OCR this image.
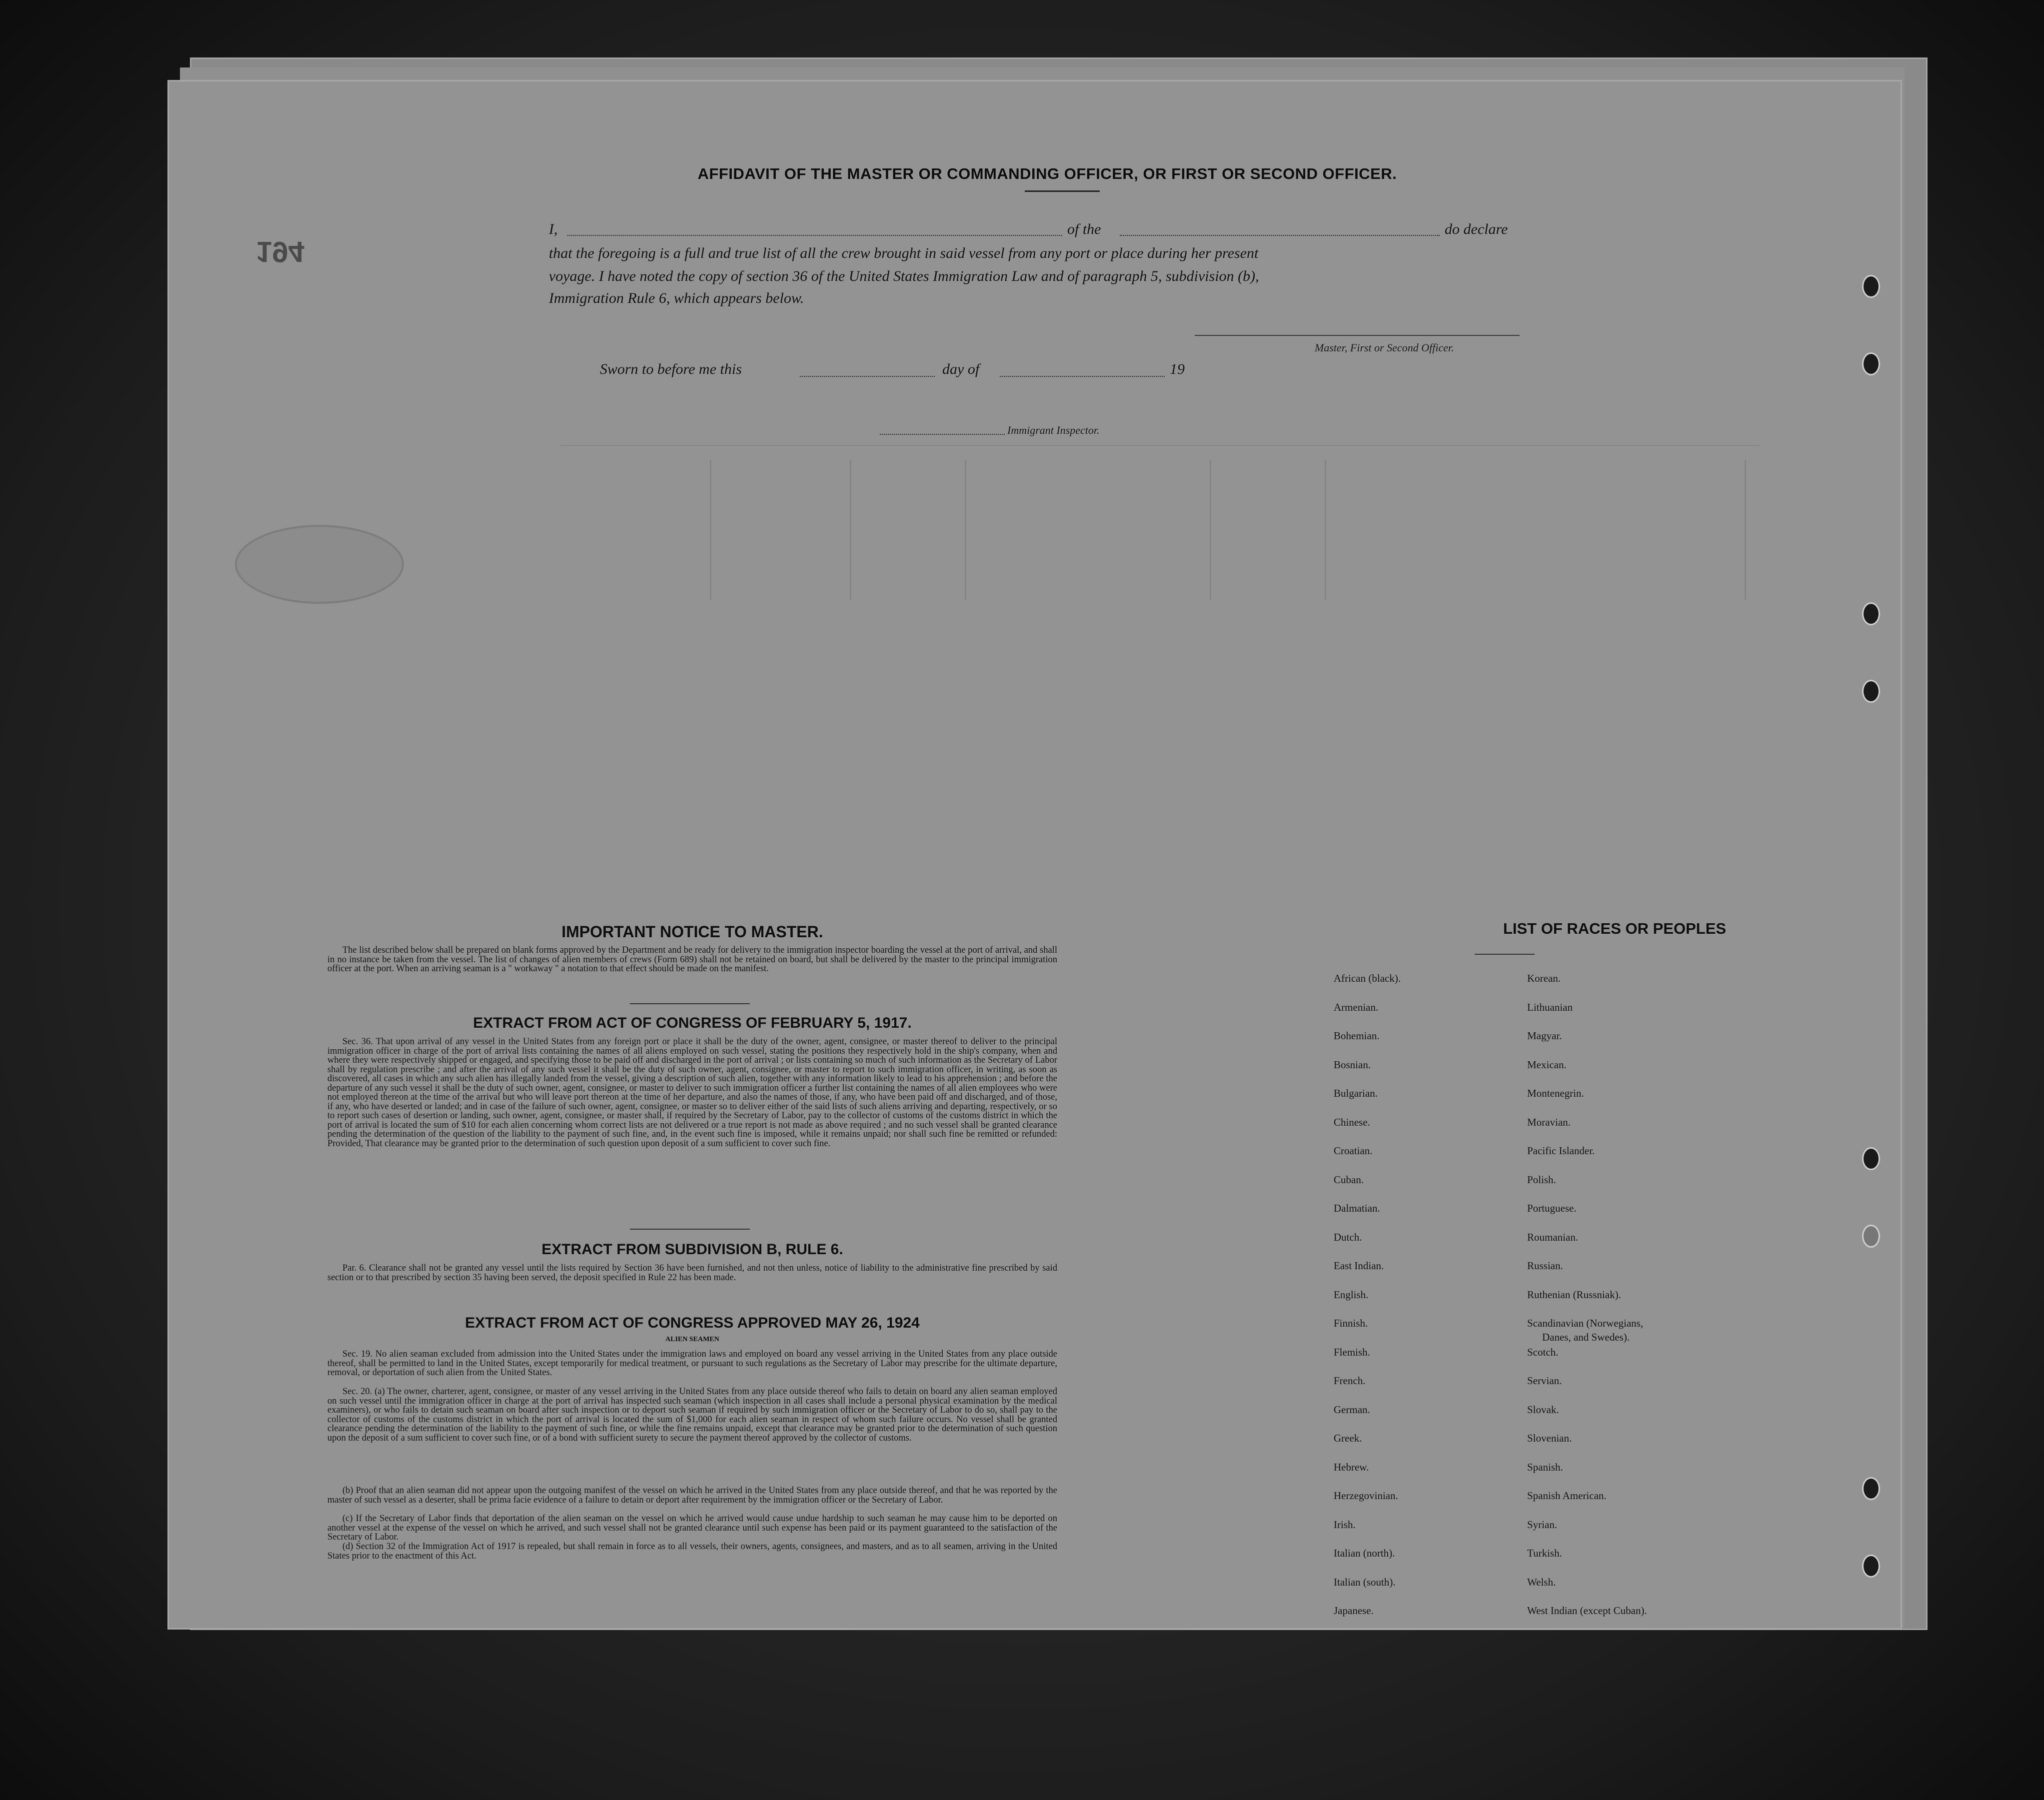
194
AFFIDAVIT OF THE MASTER OR COMMANDING OFFICER, OR FIRST OR SECOND OFFICER.
I,	of the	do declare
that the foregoing is a full and true list of all the crew brought in said vessel from any port or place during her present
voyage. I have noted the copy of section 36 of the United States Immigration Law and of paragraph 5, subdivision (b),
Immigration Rule 6, which appears below.
Master, First or Second Officer.
Sworn to before me this	day of	19
Immigrant Inspector.
IMPORTANT NOTICE TO MASTER.
The list described below shall be prepared on blank forms approved by the Department and be ready for delivery to the immigration inspector boarding the vessel at the port of arrival, and shall in no instance be taken from the vessel. The list of changes of alien members of crews (Form 689) shall not be retained on board, but shall be delivered by the master to the principal immigration officer at the port. When an arriving seaman is a " workaway " a notation to that effect should be made on the manifest.
EXTRACT FROM ACT OF CONGRESS OF FEBRUARY 5, 1917.
Sec. 36. That upon arrival of any vessel in the United States from any foreign port or place it shall be the duty of the owner, agent, consignee, or master thereof to deliver to the principal immigration officer in charge of the port of arrival lists containing the names of all aliens employed on such vessel, stating the positions they respectively hold in the ship's company, when and where they were respectively shipped or engaged, and specifying those to be paid off and discharged in the port of arrival ; or lists containing so much of such information as the Secretary of Labor shall by regulation prescribe ; and after the arrival of any such vessel it shall be the duty of such owner, agent, consignee, or master to report to such immigration officer, in writing, as soon as discovered, all cases in which any such alien has illegally landed from the vessel, giving a description of such alien, together with any information likely to lead to his apprehension ; and before the departure of any such vessel it shall be the duty of such owner, agent, consignee, or master to deliver to such immigration officer a further list containing the names of all alien employees who were not employed thereon at the time of the arrival but who will leave port thereon at the time of her departure, and also the names of those, if any, who have been paid off and discharged, and of those, if any, who have deserted or landed; and in case of the failure of such owner, agent, consignee, or master so to deliver either of the said lists of such aliens arriving and departing, respectively, or so to report such cases of desertion or landing, such owner, agent, consignee, or master shall, if required by the Secretary of Labor, pay to the collector of customs of the customs district in which the port of arrival is located the sum of $10 for each alien concerning whom correct lists are not delivered or a true report is not made as above required ; and no such vessel shall be granted clearance pending the determination of the question of the liability to the payment of such fine, and, in the event such fine is imposed, while it remains unpaid; nor shall such fine be remitted or refunded: Provided, That clearance may be granted prior to the determination of such question upon deposit of a sum sufficient to cover such fine.
EXTRACT FROM SUBDIVISION B, RULE 6.
Par. 6. Clearance shall not be granted any vessel until the lists required by Section 36 have been furnished, and not then unless, notice of liability to the administrative fine prescribed by said section or to that prescribed by section 35 having been served, the deposit specified in Rule 22 has been made.
EXTRACT FROM ACT OF CONGRESS APPROVED MAY 26, 1924
ALIEN SEAMEN
Sec. 19. No alien seaman excluded from admission into the United States under the immigration laws and employed on board any vessel arriving in the United States from any place outside thereof, shall be permitted to land in the United States, except temporarily for medical treatment, or pursuant to such regulations as the Secretary of Labor may prescribe for the ultimate departure, removal, or deportation of such alien from the United States.
Sec. 20. (a) The owner, charterer, agent, consignee, or master of any vessel arriving in the United States from any place outside thereof who fails to detain on board any alien seaman employed on such vessel until the immigration officer in charge at the port of arrival has inspected such seaman (which inspection in all cases shall include a personal physical examination by the medical examiners), or who fails to detain such seaman on board after such inspection or to deport such seaman if required by such immigration officer or the Secretary of Labor to do so, shall pay to the collector of customs of the customs district in which the port of arrival is located the sum of $1,000 for each alien seaman in respect of whom such failure occurs. No vessel shall be granted clearance pending the determination of the liability to the payment of such fine, or while the fine remains unpaid, except that clearance may be granted prior to the determination of such question upon the deposit of a sum sufficient to cover such fine, or of a bond with sufficient surety to secure the payment thereof approved by the collector of customs.
(b) Proof that an alien seaman did not appear upon the outgoing manifest of the vessel on which he arrived in the United States from any place outside thereof, and that he was reported by the master of such vessel as a deserter, shall be prima facie evidence of a failure to detain or deport after requirement by the immigration officer or the Secretary of Labor.
(c) If the Secretary of Labor finds that deportation of the alien seaman on the vessel on which he arrived would cause undue hardship to such seaman he may cause him to be deported on another vessel at the expense of the vessel on which he arrived, and such vessel shall not be granted clearance until such expense has been paid or its payment guaranteed to the satisfaction of the Secretary of Labor.
(d) Section 32 of the Immigration Act of 1917 is repealed, but shall remain in force as to all vessels, their owners, agents, consignees, and masters, and as to all seamen, arriving in the United States prior to the enactment of this Act.
LIST OF RACES OR PEOPLES
African (black).
Armenian.
Bohemian.
Bosnian.
Bulgarian.
Chinese.
Croatian.
Cuban.
Dalmatian.
Dutch.
East Indian.
English.
Finnish.
Flemish.
French.
German.
Greek.
Hebrew.
Herzegovinian.
Irish.
Italian (north).
Italian (south).
Japanese.
Korean.
Lithuanian
Magyar.
Mexican.
Montenegrin.
Moravian.
Pacific Islander.
Polish.
Portuguese.
Roumanian.
Russian.
Ruthenian (Russniak).
Scandinavian (Norwegians,
Danes, and Swedes).
Scotch.
Servian.
Slovak.
Slovenian.
Spanish.
Spanish American.
Syrian.
Turkish.
Welsh.
West Indian (except Cuban).
